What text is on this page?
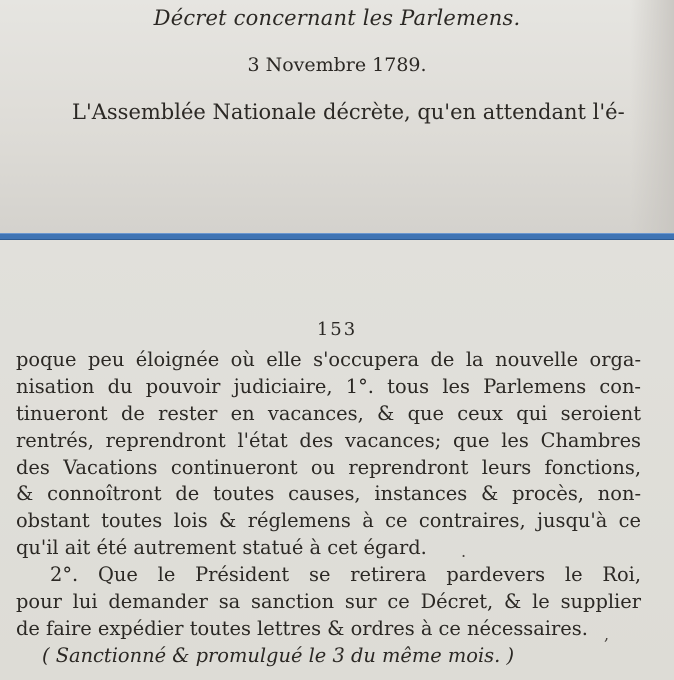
Décret concernant les Parlemens.
3 Novembre 1789.
L'Assemblée Nationale décrète, qu'en attendant l'é-
153
poque peu éloignée où elle s'occupera de la nouvelle orga-
nisation du pouvoir judiciaire, 1°. tous les Parlemens con-
tinueront de rester en vacances, & que ceux qui seroient
rentrés, reprendront l'état des vacances; que les Chambres
des Vacations continueront ou reprendront leurs fonctions,
& connoîtront de toutes causes, instances & procès, non-
obstant toutes lois & réglemens à ce contraires, jusqu'à ce
qu'il ait été autrement statué à cet égard.
2°. Que le Président se retirera pardevers le Roi,
pour lui demander sa sanction sur ce Décret, & le supplier
de faire expédier toutes lettres & ordres à ce nécessaires.
( Sanctionné & promulgué le 3 du même mois. )
.
,
